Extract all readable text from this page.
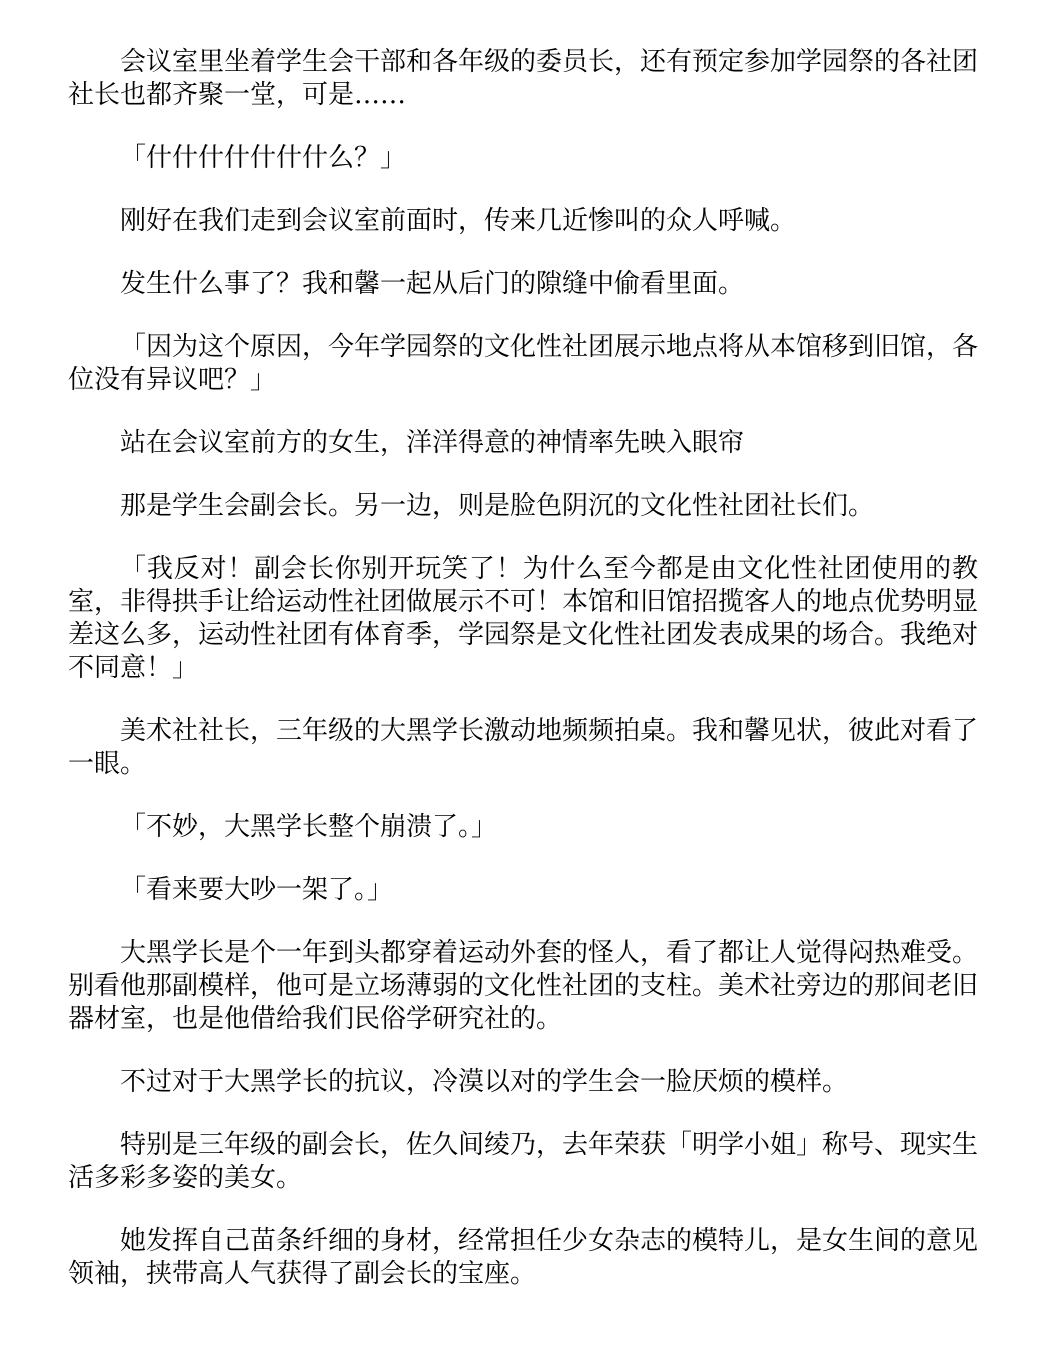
会议室里坐着学生会干部和各年级的委员长，还有预定参加学园祭的各社团社长也都齐聚一堂，可是……

「什什什什什什什么？」

刚好在我们走到会议室前面时，传来几近惨叫的众人呼喊。

发生什么事了？我和馨一起从后门的隙缝中偷看里面。

「因为这个原因，今年学园祭的文化性社团展示地点将从本馆移到旧馆，各位没有异议吧？」

站在会议室前方的女生，洋洋得意的神情率先映入眼帘

那是学生会副会长。另一边，则是脸色阴沉的文化性社团社长们。

「我反对！副会长你别开玩笑了！为什么至今都是由文化性社团使用的教室，非得拱手让给运动性社团做展示不可！本馆和旧馆招揽客人的地点优势明显差这么多，运动性社团有体育季，学园祭是文化性社团发表成果的场合。我绝对不同意！」

美术社社长，三年级的大黑学长激动地频频拍桌。我和馨见状，彼此对看了一眼。

「不妙，大黑学长整个崩溃了。」

「看来要大吵一架了。」

大黑学长是个一年到头都穿着运动外套的怪人，看了都让人觉得闷热难受。别看他那副模样，他可是立场薄弱的文化性社团的支柱。美术社旁边的那间老旧器材室，也是他借给我们民俗学研究社的。

不过对于大黑学长的抗议，冷漠以对的学生会一脸厌烦的模样。

特别是三年级的副会长，佐久间绫乃，去年荣获「明学小姐」称号、现实生活多彩多姿的美女。

她发挥自己苗条纤细的身材，经常担任少女杂志的模特儿，是女生间的意见领袖，挟带高人气获得了副会长的宝座。
